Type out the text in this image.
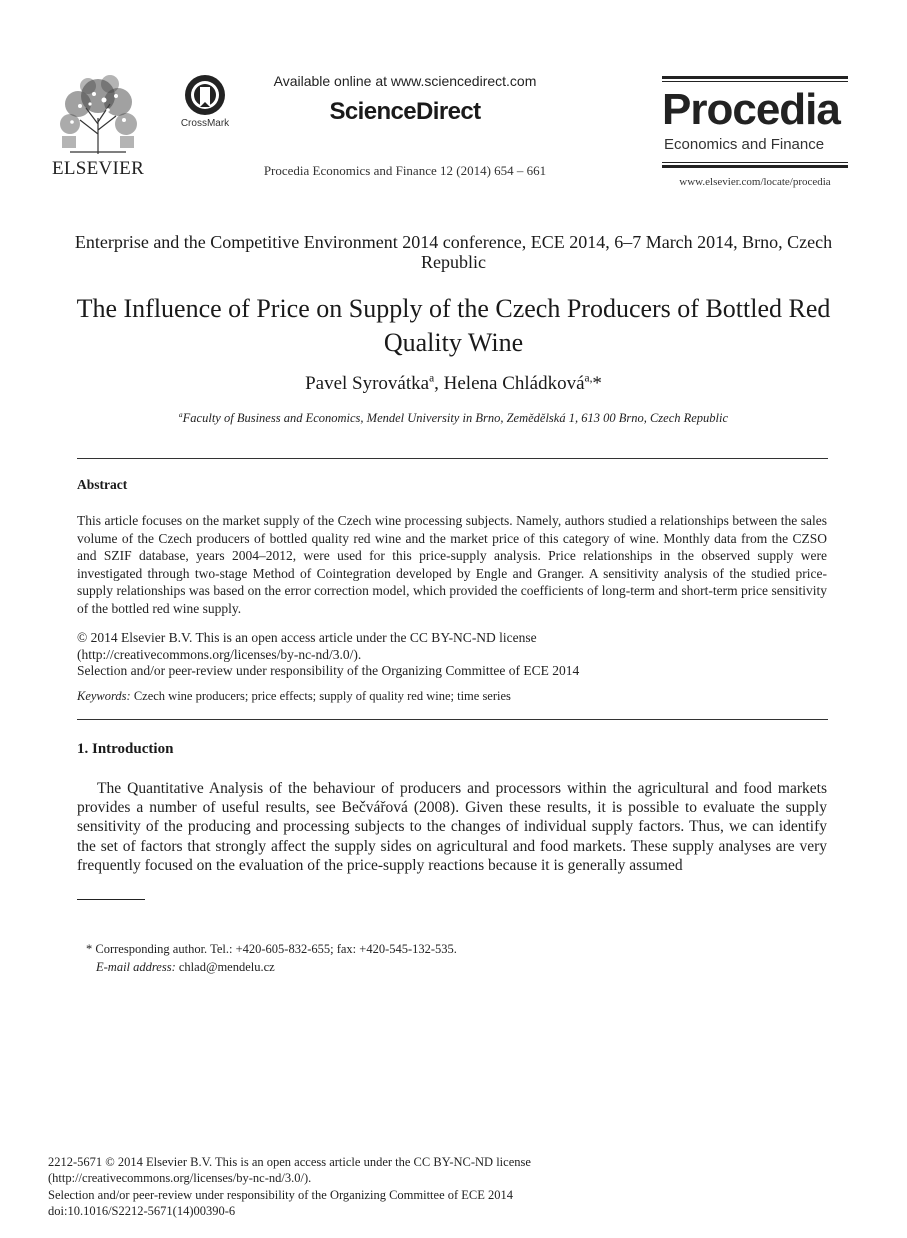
ELSEVIER
CrossMark
Available online at www.sciencedirect.com
ScienceDirect
Procedia Economics and Finance 12 (2014) 654 – 661
Procedia
Economics and Finance
www.elsevier.com/locate/procedia
Enterprise and the Competitive Environment 2014 conference, ECE 2014, 6–7 March 2014, Brno, Czech Republic
The Influence of Price on Supply of the Czech Producers of Bottled Red Quality Wine
Pavel Syrovátka$^a$, Helena Chládková$^{a,}$*
$^a$Faculty of Business and Economics, Mendel University in Brno, Zemědělská 1, 613 00 Brno, Czech Republic
Abstract
This article focuses on the market supply of the Czech wine processing subjects. Namely, authors studied a relationships between the sales volume of the Czech producers of bottled quality red wine and the market price of this category of wine. Monthly data from the CZSO and SZIF database, years 2004–2012, were used for this price-supply analysis. Price relationships in the observed supply were investigated through two-stage Method of Cointegration developed by Engle and Granger. A sensitivity analysis of the studied price-supply relationships was based on the error correction model, which provided the coefficients of long-term and short-term price sensitivity of the bottled red wine supply.
© 2014 Elsevier B.V. This is an open access article under the CC BY-NC-ND license
(http://creativecommons.org/licenses/by-nc-nd/3.0/).
Selection and/or peer-review under responsibility of the Organizing Committee of ECE 2014
Keywords: Czech wine producers; price effects; supply of quality red wine; time series
1. Introduction
The Quantitative Analysis of the behaviour of producers and processors within the agricultural and food markets provides a number of useful results, see Bečvářová (2008). Given these results, it is possible to evaluate the supply sensitivity of the producing and processing subjects to the changes of individual supply factors. Thus, we can identify the set of factors that strongly affect the supply sides on agricultural and food markets. These supply analyses are very frequently focused on the evaluation of the price-supply reactions because it is generally assumed
* Corresponding author. Tel.: +420-605-832-655; fax: +420-545-132-535.
E-mail address: chlad@mendelu.cz
2212-5671 © 2014 Elsevier B.V. This is an open access article under the CC BY-NC-ND license
(http://creativecommons.org/licenses/by-nc-nd/3.0/).
Selection and/or peer-review under responsibility of the Organizing Committee of ECE 2014
doi:10.1016/S2212-5671(14)00390-6
